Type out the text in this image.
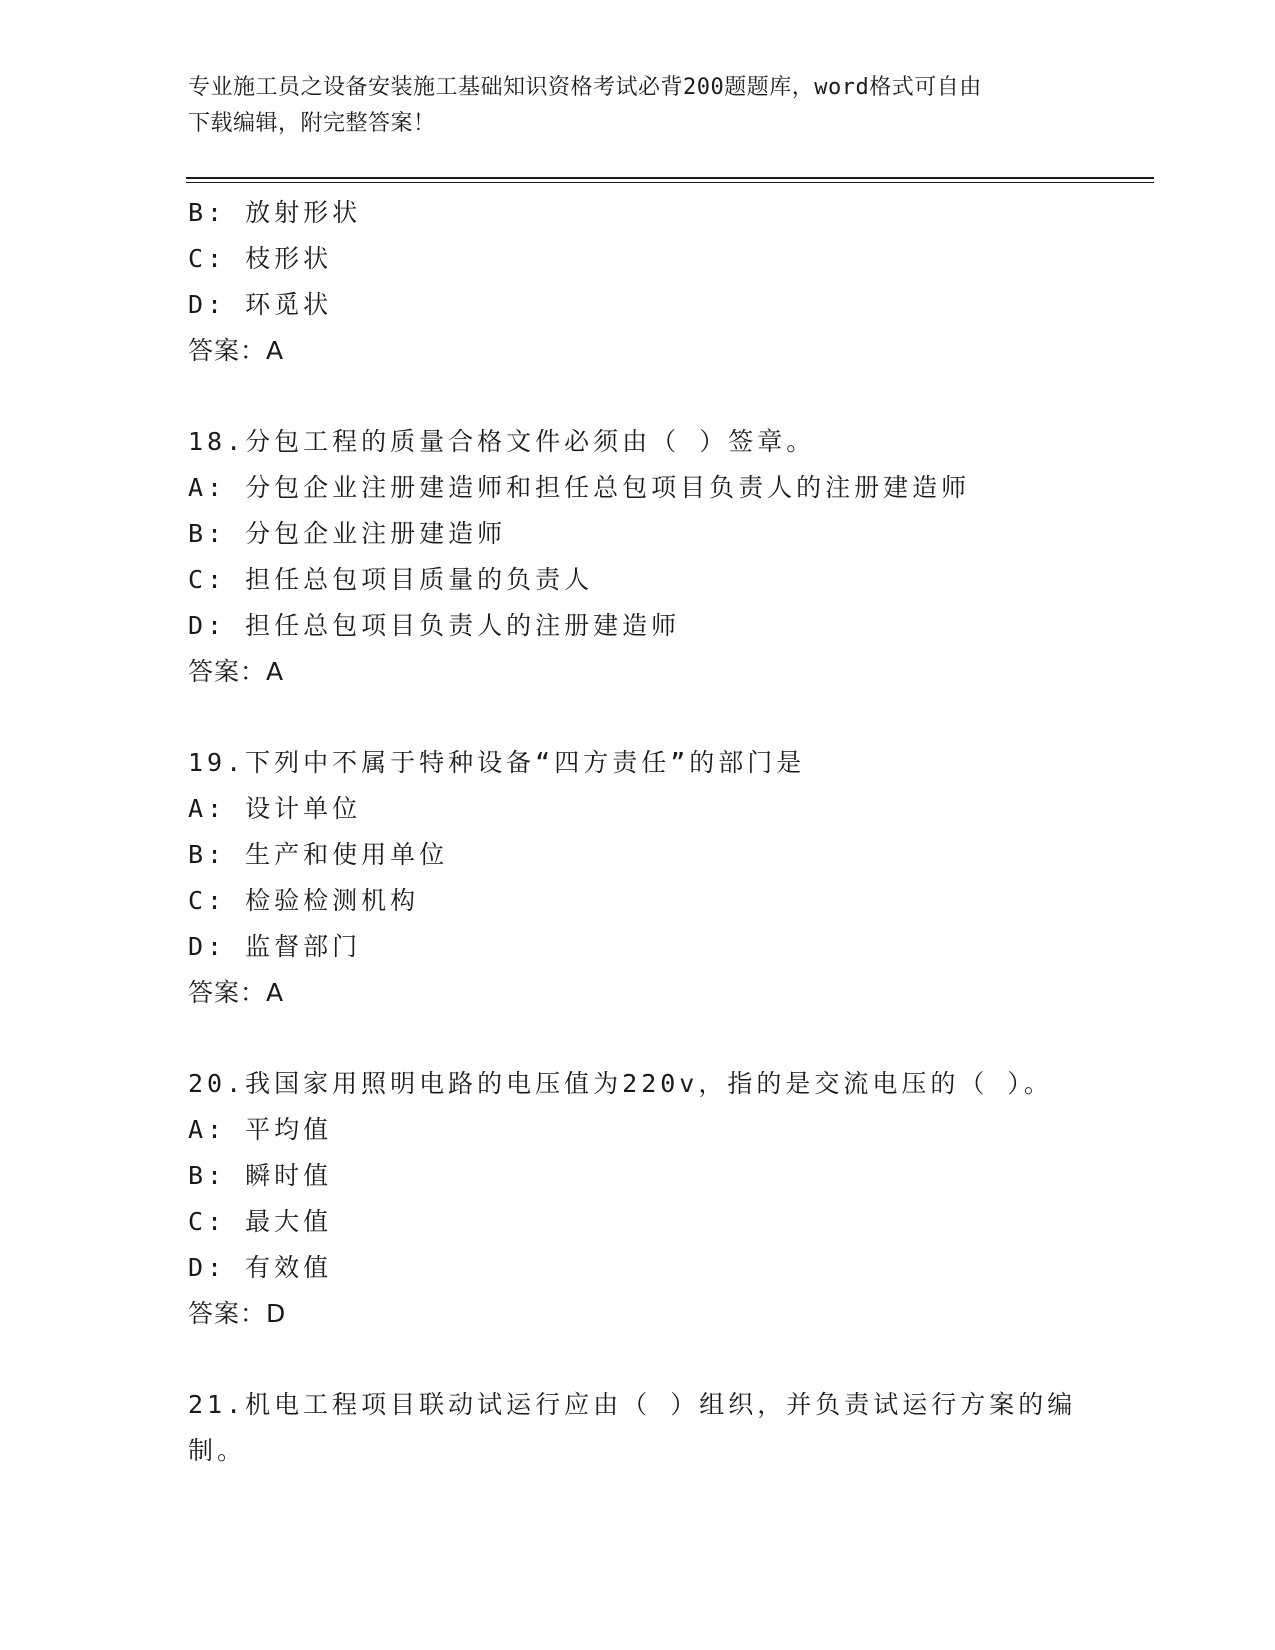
专业施工员之设备安装施工基础知识资格考试必背200题题库，word格式可自由
下载编辑，附完整答案！
B: 放射形状
C: 枝形状
D: 环觅状
答案：A
18.分包工程的质量合格文件必须由（ ）签章。
A: 分包企业注册建造师和担任总包项目负责人的注册建造师
B: 分包企业注册建造师
C: 担任总包项目质量的负责人
D: 担任总包项目负责人的注册建造师
答案：A
19.下列中不属于特种设备“四方责任”的部门是
A: 设计单位
B: 生产和使用单位
C: 检验检测机构
D: 监督部门
答案：A
20.我国家用照明电路的电压值为220v，指的是交流电压的（ ）。
A: 平均值
B: 瞬时值
C: 最大值
D: 有效值
答案：D
21.机电工程项目联动试运行应由（ ）组织，并负责试运行方案的编
制。
